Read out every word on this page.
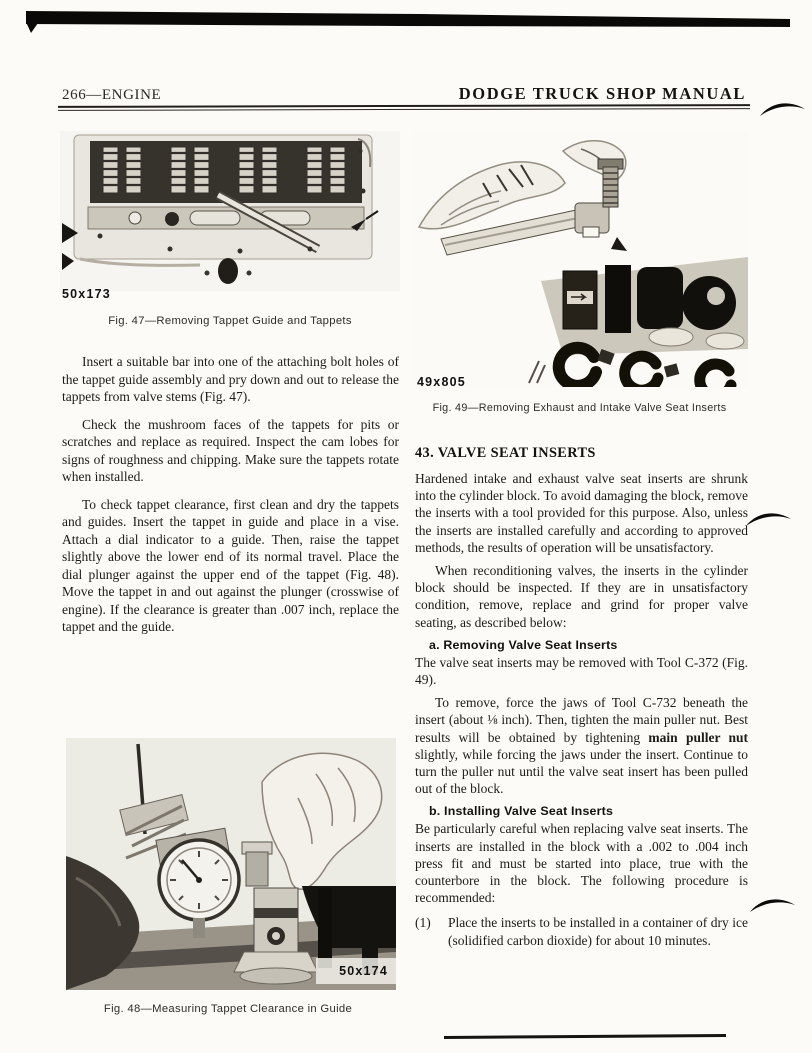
266—ENGINE	DODGE TRUCK SHOP MANUAL
50x173
Fig. 47—Removing Tappet Guide and Tappets

Insert a suitable bar into one of the attaching bolt holes of the tappet guide assembly and pry down and out to release the tappets from valve stems (Fig. 47).

Check the mushroom faces of the tappets for pits or scratches and replace as required. Inspect the cam lobes for signs of roughness and chipping. Make sure the tappets rotate when installed.

To check tappet clearance, first clean and dry the tappets and guides. Insert the tappet in guide and place in a vise. Attach a dial indicator to a guide. Then, raise the tappet slightly above the lower end of its normal travel. Place the dial plunger against the upper end of the tappet (Fig. 48). Move the tappet in and out against the plunger (crosswise of engine). If the clearance is greater than .007 inch, replace the tappet and the guide.

50x174
Fig. 48—Measuring Tappet Clearance in Guide
49x805
Fig. 49—Removing Exhaust and Intake Valve Seat Inserts
43. VALVE SEAT INSERTS

Hardened intake and exhaust valve seat inserts are shrunk into the cylinder block. To avoid damaging the block, remove the inserts with a tool provided for this purpose. Also, unless the inserts are installed carefully and according to approved methods, the results of operation will be unsatisfactory.

When reconditioning valves, the inserts in the cylinder block should be inspected. If they are in unsatisfactory condition, remove, replace and grind for proper valve seating, as described below:

a. Removing Valve Seat Inserts

The valve seat inserts may be removed with Tool C-372 (Fig. 49).

To remove, force the jaws of Tool C-732 beneath the insert (about ⅛ inch). Then, tighten the main puller nut. Best results will be obtained by tightening main puller nut slightly, while forcing the jaws under the insert. Continue to turn the puller nut until the valve seat insert has been pulled out of the block.

b. Installing Valve Seat Inserts

Be particularly careful when replacing valve seat inserts. The inserts are installed in the block with a .002 to .004 inch press fit and must be started into place, true with the counterbore in the block. The following procedure is recommended:

(1)	Place the inserts to be installed in a container of dry ice (solidified carbon dioxide) for about 10 minutes.
